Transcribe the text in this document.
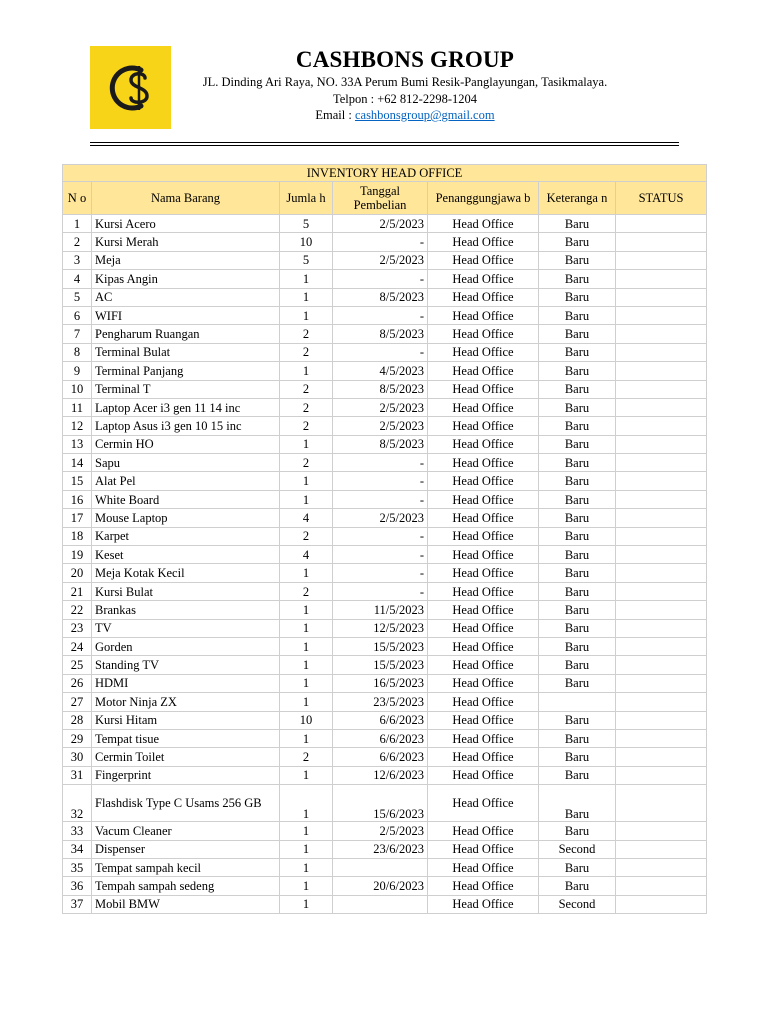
CASHBONS GROUP
JL. Dinding Ari Raya, NO. 33A Perum Bumi Resik-Panglayungan, Tasikmalaya.
Telpon : +62 812-2298-1204
Email : cashbonsgroup@gmail.com
INVENTORY HEAD OFFICE						
N o	Nama Barang	Jumla h	Tanggal Pembelian	Penanggungjawa b	Keteranga n	STATUS
1	Kursi Acero	5	2/5/2023	Head Office	Baru	
2	Kursi Merah	10	-	Head Office	Baru	
3	Meja	5	2/5/2023	Head Office	Baru	
4	Kipas Angin	1	-	Head Office	Baru	
5	AC	1	8/5/2023	Head Office	Baru	
6	WIFI	1	-	Head Office	Baru	
7	Pengharum Ruangan	2	8/5/2023	Head Office	Baru	
8	Terminal Bulat	2	-	Head Office	Baru	
9	Terminal Panjang	1	4/5/2023	Head Office	Baru	
10	Terminal T	2	8/5/2023	Head Office	Baru	
11	Laptop Acer i3 gen 11 14 inc	2	2/5/2023	Head Office	Baru	
12	Laptop Asus i3 gen 10 15 inc	2	2/5/2023	Head Office	Baru	
13	Cermin HO	1	8/5/2023	Head Office	Baru	
14	Sapu	2	-	Head Office	Baru	
15	Alat Pel	1	-	Head Office	Baru	
16	White Board	1	-	Head Office	Baru	
17	Mouse Laptop	4	2/5/2023	Head Office	Baru	
18	Karpet	2	-	Head Office	Baru	
19	Keset	4	-	Head Office	Baru	
20	Meja Kotak Kecil	1	-	Head Office	Baru	
21	Kursi Bulat	2	-	Head Office	Baru	
22	Brankas	1	11/5/2023	Head Office	Baru	
23	TV	1	12/5/2023	Head Office	Baru	
24	Gorden	1	15/5/2023	Head Office	Baru	
25	Standing TV	1	15/5/2023	Head Office	Baru	
26	HDMI	1	16/5/2023	Head Office	Baru	
27	Motor Ninja ZX	1	23/5/2023	Head Office		
28	Kursi Hitam	10	6/6/2023	Head Office	Baru	
29	Tempat tisue	1	6/6/2023	Head Office	Baru	
30	Cermin Toilet	2	6/6/2023	Head Office	Baru	
31	Fingerprint	1	12/6/2023	Head Office	Baru	
32	Flashdisk Type C Usams 256 GB	1	15/6/2023	Head Office	Baru	
33	Vacum Cleaner	1	2/5/2023	Head Office	Baru	
34	Dispenser	1	23/6/2023	Head Office	Second	
35	Tempat sampah kecil	1		Head Office	Baru	
36	Tempah sampah sedeng	1	20/6/2023	Head Office	Baru	
37	Mobil BMW	1		Head Office	Second	
